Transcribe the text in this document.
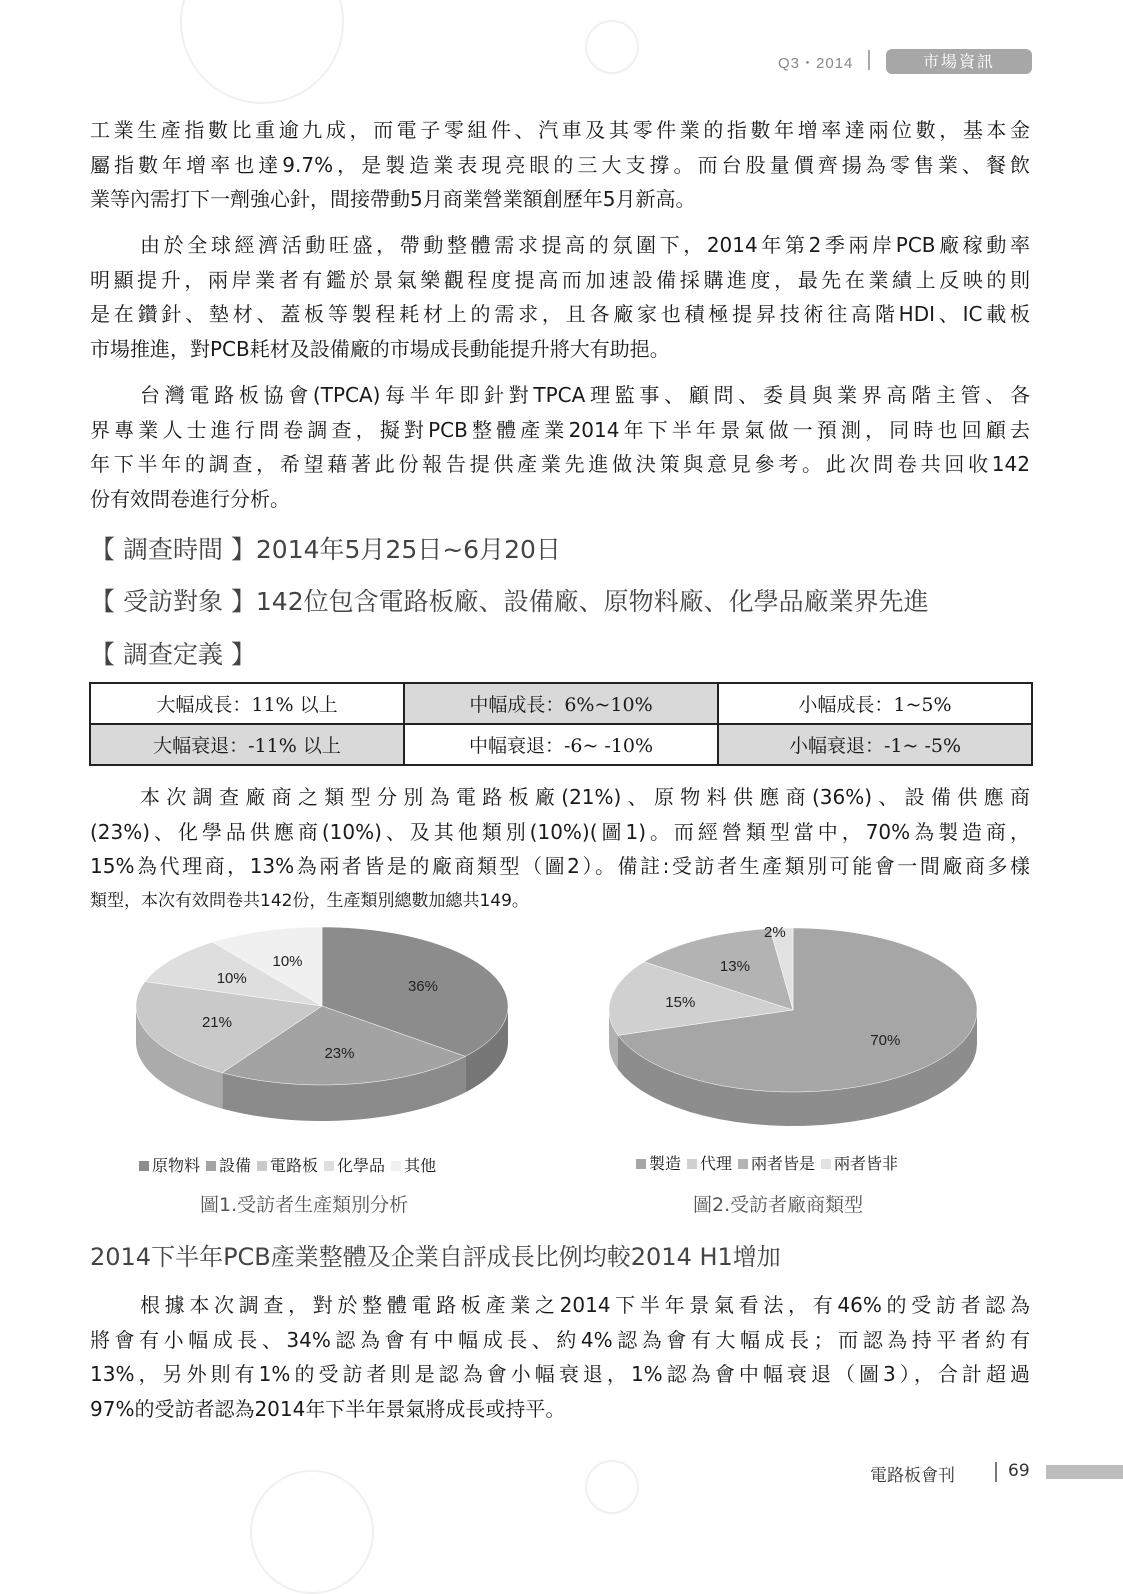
Q3・2014	市場資訊
工業生產指數比重逾九成，而電子零組件、汽車及其零件業的指數年增率達兩位數，基本金
屬指數年增率也達9.7%，是製造業表現亮眼的三大支撐。而台股量價齊揚為零售業、餐飲
業等內需打下一劑強心針，間接帶動5月商業營業額創歷年5月新高。
由於全球經濟活動旺盛，帶動整體需求提高的氛圍下，2014年第2季兩岸PCB廠稼動率
明顯提升，兩岸業者有鑑於景氣樂觀程度提高而加速設備採購進度，最先在業績上反映的則
是在鑽針、墊材、蓋板等製程耗材上的需求，且各廠家也積極提昇技術往高階HDI、IC載板
市場推進，對PCB耗材及設備廠的市場成長動能提升將大有助挹。
台灣電路板協會(TPCA)每半年即針對TPCA理監事、顧問、委員與業界高階主管、各
界專業人士進行問卷調查，擬對PCB整體產業2014年下半年景氣做一預測，同時也回顧去
年下半年的調查，希望藉著此份報告提供產業先進做決策與意見參考。此次問卷共回收142
份有效問卷進行分析。
【 調查時間 】2014年5月25日~6月20日
【 受訪對象 】142位包含電路板廠、設備廠、原物料廠、化學品廠業界先進
【 調查定義 】
大幅成長：11% 以上	中幅成長：6%~10%	小幅成長：1~5%
大幅衰退：-11% 以上	中幅衰退：-6~ -10%	小幅衰退：-1~ -5%
本次調查廠商之類型分別為電路板廠(21%)、原物料供應商(36%)、設備供應商
(23%)、化學品供應商(10%)、及其他類別(10%)(圖1)。而經營類型當中，70%為製造商，
15%為代理商，13%為兩者皆是的廠商類型（圖2）。備註:受訪者生產類別可能會一間廠商多樣
類型，本次有效問卷共142份，生產類別總數加總共149。
36%
23%
21%
10%
10%
70%
15%
13%
2%
原物料 設備 電路板 化學品 其他	製造 代理 兩者皆是 兩者皆非
圖1.受訪者生產類別分析	圖2.受訪者廠商類型
2014下半年PCB產業整體及企業自評成長比例均較2014 H1增加
根據本次調查，對於整體電路板產業之2014下半年景氣看法，有46%的受訪者認為
將會有小幅成長、34%認為會有中幅成長、約4%認為會有大幅成長；而認為持平者約有
13%，另外則有1%的受訪者則是認為會小幅衰退，1%認為會中幅衰退（圖3），合計超過
97%的受訪者認為2014年下半年景氣將成長或持平。
電路板會刊	69
